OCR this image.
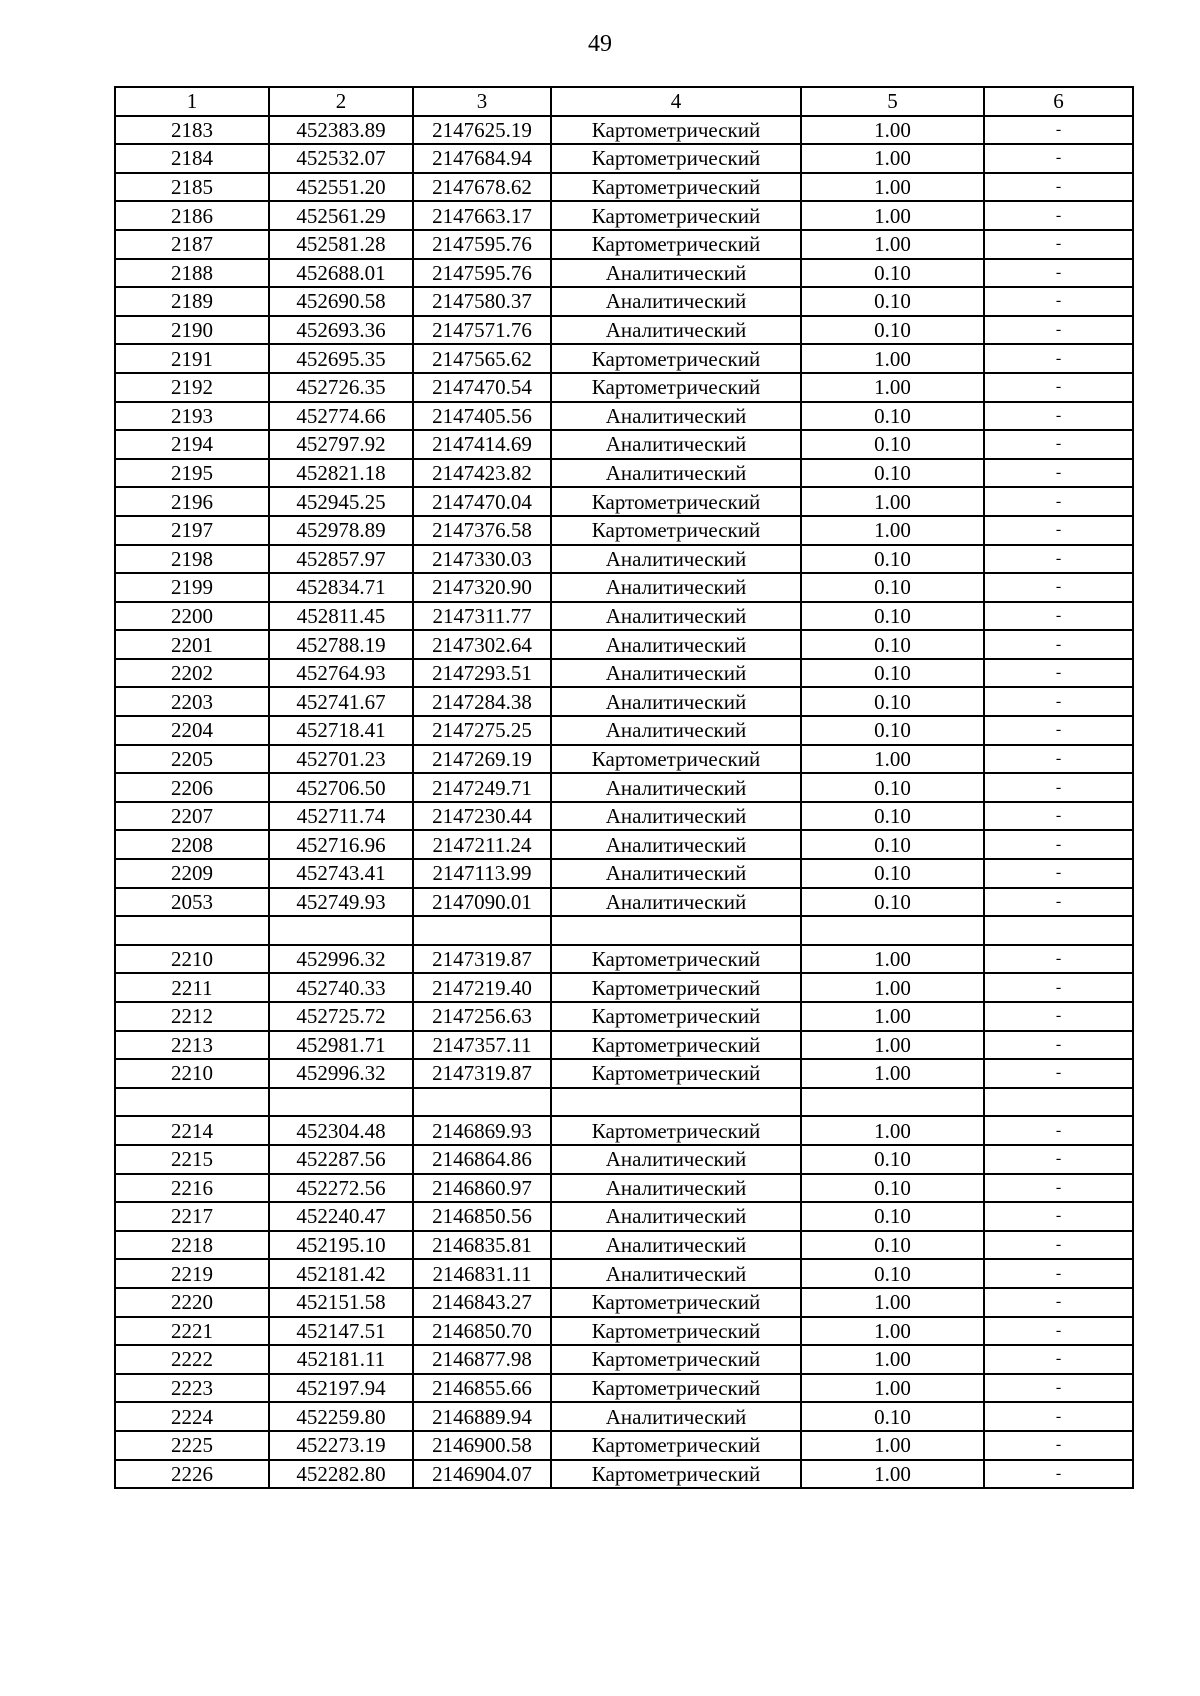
49
1	2	3	4	5	6
2183	452383.89	2147625.19	Картометрический	1.00	-
2184	452532.07	2147684.94	Картометрический	1.00	-
2185	452551.20	2147678.62	Картометрический	1.00	-
2186	452561.29	2147663.17	Картометрический	1.00	-
2187	452581.28	2147595.76	Картометрический	1.00	-
2188	452688.01	2147595.76	Аналитический	0.10	-
2189	452690.58	2147580.37	Аналитический	0.10	-
2190	452693.36	2147571.76	Аналитический	0.10	-
2191	452695.35	2147565.62	Картометрический	1.00	-
2192	452726.35	2147470.54	Картометрический	1.00	-
2193	452774.66	2147405.56	Аналитический	0.10	-
2194	452797.92	2147414.69	Аналитический	0.10	-
2195	452821.18	2147423.82	Аналитический	0.10	-
2196	452945.25	2147470.04	Картометрический	1.00	-
2197	452978.89	2147376.58	Картометрический	1.00	-
2198	452857.97	2147330.03	Аналитический	0.10	-
2199	452834.71	2147320.90	Аналитический	0.10	-
2200	452811.45	2147311.77	Аналитический	0.10	-
2201	452788.19	2147302.64	Аналитический	0.10	-
2202	452764.93	2147293.51	Аналитический	0.10	-
2203	452741.67	2147284.38	Аналитический	0.10	-
2204	452718.41	2147275.25	Аналитический	0.10	-
2205	452701.23	2147269.19	Картометрический	1.00	-
2206	452706.50	2147249.71	Аналитический	0.10	-
2207	452711.74	2147230.44	Аналитический	0.10	-
2208	452716.96	2147211.24	Аналитический	0.10	-
2209	452743.41	2147113.99	Аналитический	0.10	-
2053	452749.93	2147090.01	Аналитический	0.10	-

2210	452996.32	2147319.87	Картометрический	1.00	-
2211	452740.33	2147219.40	Картометрический	1.00	-
2212	452725.72	2147256.63	Картометрический	1.00	-
2213	452981.71	2147357.11	Картометрический	1.00	-
2210	452996.32	2147319.87	Картометрический	1.00	-

2214	452304.48	2146869.93	Картометрический	1.00	-
2215	452287.56	2146864.86	Аналитический	0.10	-
2216	452272.56	2146860.97	Аналитический	0.10	-
2217	452240.47	2146850.56	Аналитический	0.10	-
2218	452195.10	2146835.81	Аналитический	0.10	-
2219	452181.42	2146831.11	Аналитический	0.10	-
2220	452151.58	2146843.27	Картометрический	1.00	-
2221	452147.51	2146850.70	Картометрический	1.00	-
2222	452181.11	2146877.98	Картометрический	1.00	-
2223	452197.94	2146855.66	Картометрический	1.00	-
2224	452259.80	2146889.94	Аналитический	0.10	-
2225	452273.19	2146900.58	Картометрический	1.00	-
2226	452282.80	2146904.07	Картометрический	1.00	-
